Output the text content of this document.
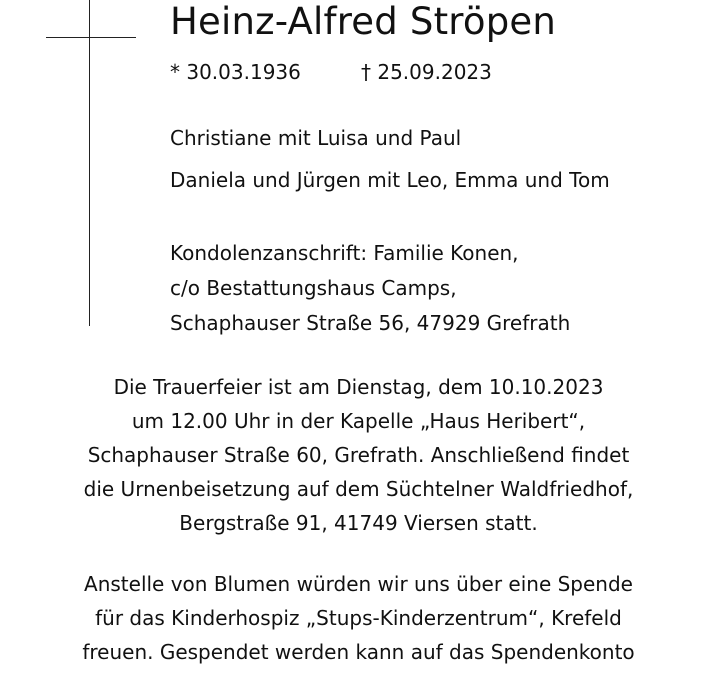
Heinz-Alfred Ströpen
* 30.03.1936	† 25.09.2023
Christiane mit Luisa und Paul
Daniela und Jürgen mit Leo, Emma und Tom
Kondolenzanschrift: Familie Konen,
c/o Bestattungshaus Camps,
Schaphauser Straße 56, 47929 Grefrath
Die Trauerfeier ist am Dienstag, dem 10.10.2023
um 12.00 Uhr in der Kapelle „Haus Heribert“,
Schaphauser Straße 60, Grefrath. Anschließend findet
die Urnenbeisetzung auf dem Süchtelner Waldfriedhof,
Bergstraße 91, 41749 Viersen statt.
Anstelle von Blumen würden wir uns über eine Spende
für das Kinderhospiz „Stups-Kinderzentrum“, Krefeld
freuen. Gespendet werden kann auf das Spendenkonto
